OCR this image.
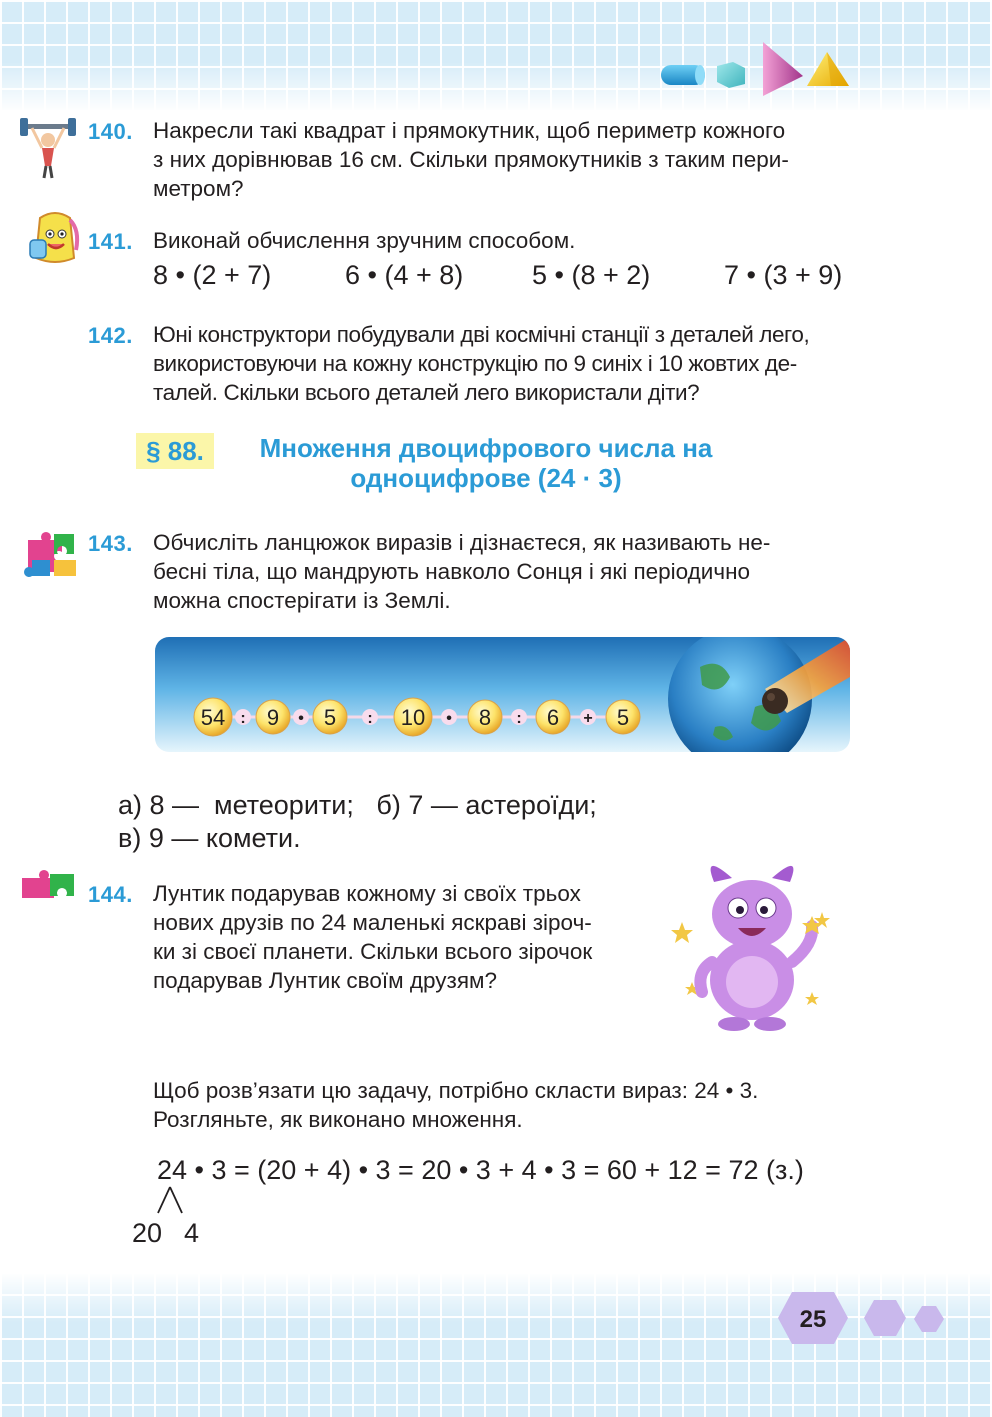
140. Накресли такі квадрат і прямокутник, щоб периметр кожного
з них дорівнював 16 см. Скільки прямокутників з таким пери-
метром?

141. Виконай обчислення зручним способом.

8 • (2 + 7)	6 • (4 + 8)	5 • (8 + 2)	7 • (3 + 9)
142. Юні конструктори побудували дві космічні станції з деталей лего,
використовуючи на кожну конструкцію по 9 синіх і 10 жовтих де-
талей. Скільки всього деталей лего використали діти?

§ 88.	Множення двоцифрового числа на
одноцифрове (24 · 3)
143. Обчисліть ланцюжок виразів і дізнаєтеся, як називають не-
бесні тіла, що мандрують навколо Сонця і які періодично
можна спостерігати із Землі.

54 9 5	10 8	6	5
:	•	:	•	:	+
а) 8 —  метеорити;   б) 7 — астероїди;
в) 9 — комети.
144. Лунтик подарував кожному зі своїх трьох
нових друзів по 24 маленькі яскраві зіроч-
ки зі своєї планети. Скільки всього зірочок
подарував Лунтик своїм друзям?

Щоб розв’язати цю задачу, потрібно скласти вираз: 24 • 3.
Розгляньте, як виконано множення.

24 • 3 = (20 + 4) • 3 = 20 • 3 + 4 • 3 = 60 + 12 = 72 (з.)
20 4
25
